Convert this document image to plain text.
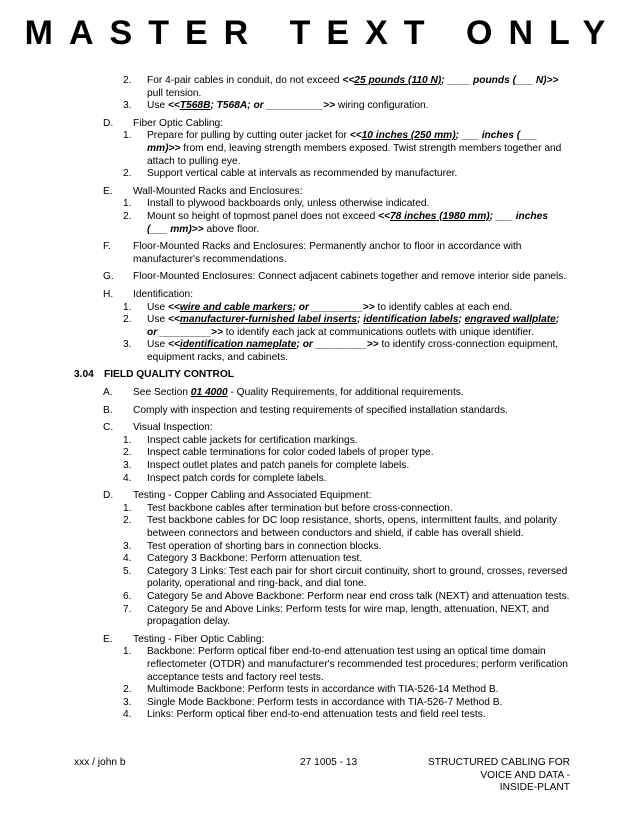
MASTER TEXT ONLY
2.	For 4-pair cables in conduit, do not exceed <<25 pounds (110 N); ____ pounds (___ N)>> pull tension.
3.	Use <<T568B; T568A; or __________>> wiring configuration.
D.	Fiber Optic Cabling:
1.	Prepare for pulling by cutting outer jacket for <<10 inches (250 mm); ___ inches (___ mm)>> from end, leaving strength members exposed. Twist strength members together and attach to pulling eye.
2.	Support vertical cable at intervals as recommended by manufacturer.
E.	Wall-Mounted Racks and Enclosures:
1.	Install to plywood backboards only, unless otherwise indicated.
2.	Mount so height of topmost panel does not exceed <<78 inches (1980 mm); ___ inches (___ mm)>> above floor.
F.	Floor-Mounted Racks and Enclosures: Permanently anchor to floor in accordance with manufacturer's recommendations.
G.	Floor-Mounted Enclosures: Connect adjacent cabinets together and remove interior side panels.
H.	Identification:
1.	Use <<wire and cable markers; or _________>> to identify cables at each end.
2.	Use <<manufacturer-furnished label inserts; identification labels; engraved wallplate; or _________>> to identify each jack at communications outlets with unique identifier.
3.	Use <<identification nameplate; or _________>> to identify cross-connection equipment, equipment racks, and cabinets.
3.04 FIELD QUALITY CONTROL
A.	See Section 01 4000 - Quality Requirements, for additional requirements.
B.	Comply with inspection and testing requirements of specified installation standards.
C.	Visual Inspection:
1.	Inspect cable jackets for certification markings.
2.	Inspect cable terminations for color coded labels of proper type.
3.	Inspect outlet plates and patch panels for complete labels.
4.	Inspect patch cords for complete labels.
D.	Testing - Copper Cabling and Associated Equipment:
1.	Test backbone cables after termination but before cross-connection.
2.	Test backbone cables for DC loop resistance, shorts, opens, intermittent faults, and polarity between connectors and between conductors and shield, if cable has overall shield.
3.	Test operation of shorting bars in connection blocks.
4.	Category 3 Backbone: Perform attenuation test.
5.	Category 3 Links: Test each pair for short circuit continuity, short to ground, crosses, reversed polarity, operational and ring-back, and dial tone.
6.	Category 5e and Above Backbone: Perform near end cross talk (NEXT) and attenuation tests.
7.	Category 5e and Above Links: Perform tests for wire map, length, attenuation, NEXT, and propagation delay.
E.	Testing - Fiber Optic Cabling:
1.	Backbone: Perform optical fiber end-to-end attenuation test using an optical time domain reflectometer (OTDR) and manufacturer's recommended test procedures; perform verification acceptance tests and factory reel tests.
2.	Multimode Backbone: Perform tests in accordance with TIA-526-14 Method B.
3.	Single Mode Backbone: Perform tests in accordance with TIA-526-7 Method B.
4.	Links: Perform optical fiber end-to-end attenuation tests and field reel tests.
xxx / john b	27 1005 - 13	STRUCTURED CABLING FOR
VOICE AND DATA -
INSIDE-PLANT
